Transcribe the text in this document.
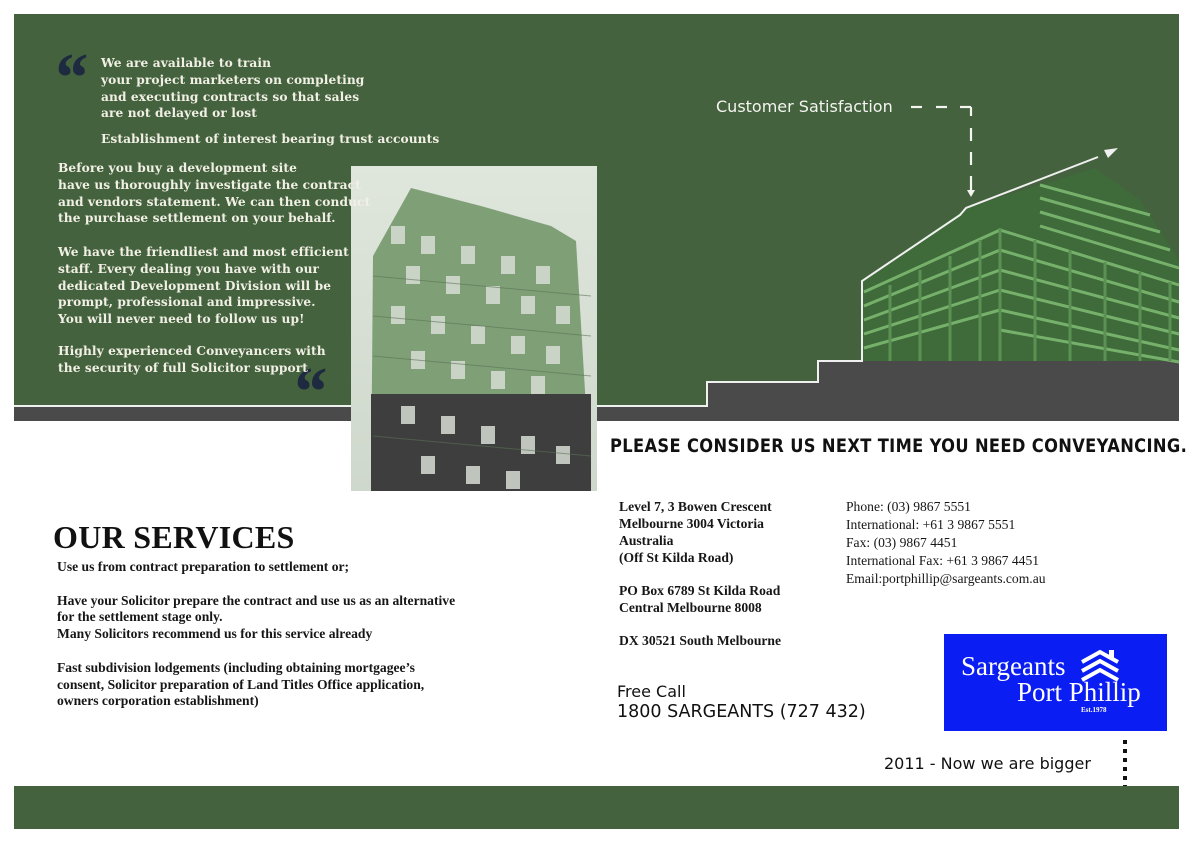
Customer Satisfaction
“
“
We are available to train
your project marketers on completing
and executing contracts so that sales
are not delayed or lost
Establishment of interest bearing trust accounts
Before you buy a development site
have us thoroughly investigate the contract
and vendors statement. We can then conduct
the purchase settlement on your behalf.
We have the friendliest and most efficient
staff. Every dealing you have with our
dedicated Development Division will be
prompt, professional and impressive.
You will never need to follow us up!
Highly experienced Conveyancers with
the security of full Solicitor support
PLEASE CONSIDER US NEXT TIME YOU NEED CONVEYANCING.
OUR SERVICES
Use us from contract preparation to settlement or;
Have your Solicitor prepare the contract and use us as an alternative
for the settlement stage only.
Many Solicitors recommend us for this service already
Fast subdivision lodgements (including obtaining mortgagee’s
consent, Solicitor preparation of Land Titles Office application,
owners corporation establishment)
Level 7, 3 Bowen Crescent
Melbourne 3004 Victoria
Australia
(Off St Kilda Road)
PO Box 6789 St Kilda Road
Central Melbourne 8008
DX 30521 South Melbourne
Phone: (03) 9867 5551
International: +61 3 9867 5551
Fax: (03) 9867 4451
International Fax: +61 3 9867 4451
Email:portphillip@sargeants.com.au
Free Call
1800 SARGEANTS (727 432)
Sargeants
Port Phillip
Est.1978
2011 - Now we are bigger
